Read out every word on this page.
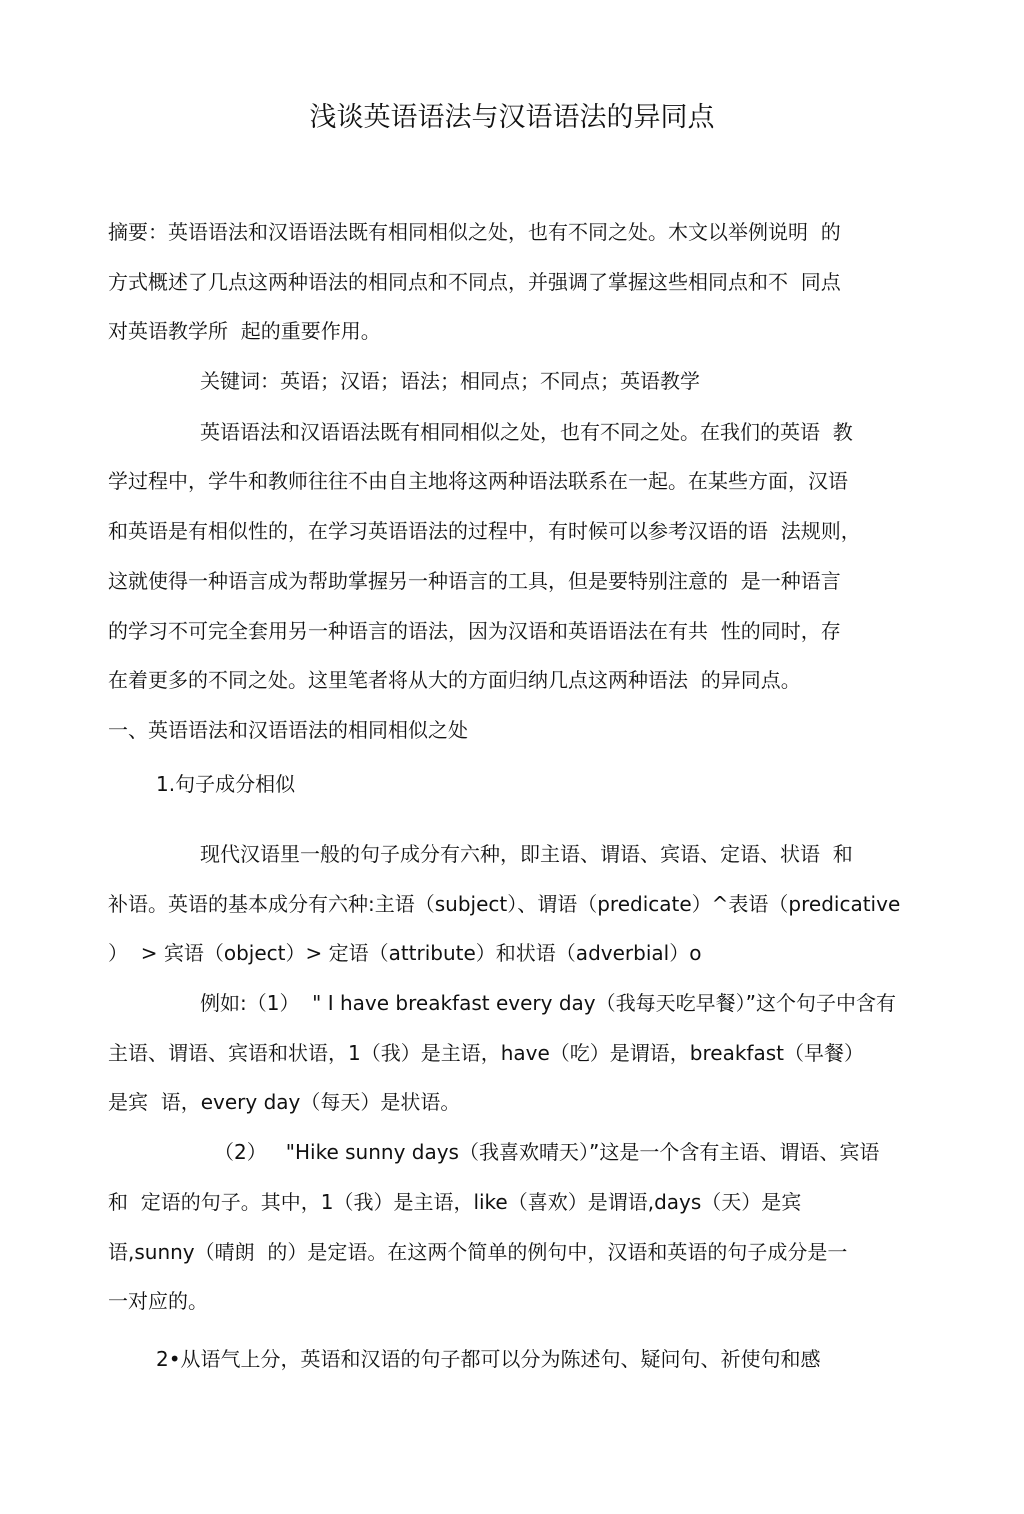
浅谈英语语法与汉语语法的异同点
摘要：英语语法和汉语语法既有相同相似之处，也有不同之处。木文以举例说明  的
方式概述了几点这两种语法的相同点和不同点，并强调了掌握这些相同点和不  同点
对英语教学所  起的重要作用。
关键词：英语；汉语；语法；相同点；不同点；英语教学
英语语法和汉语语法既有相同相似之处，也有不同之处。在我们的英语  教
学过程中，学牛和教师往往不由自主地将这两种语法联系在一起。在某些方面，汉语
和英语是有相似性的，在学习英语语法的过程中，有时候可以参考汉语的语  法规则，
这就使得一种语言成为帮助掌握另一种语言的工具，但是要特别注意的  是一种语言
的学习不可完全套用另一种语言的语法，因为汉语和英语语法在有共  性的同时，存
在着更多的不同之处。这里笔者将从大的方面归纳几点这两种语法  的异同点。
一、英语语法和汉语语法的相同相似之处
1.句子成分相似
现代汉语里一般的句子成分有六种，即主语、谓语、宾语、定语、状语  和
补语。英语的基本成分有六种:主语（subject）、谓语（predicate）^表语（predicative
）  > 宾语（object）> 定语（attribute）和状语（adverbial）o
例如:（1）  " I have breakfast every day（我每天吃早餐）”这个句子中含有
主语、谓语、宾语和状语，1（我）是主语，have（吃）是谓语，breakfast（早餐）
是宾  语，every day（每天）是状语。
（2）   "Hike sunny days（我喜欢晴天）”这是一个含有主语、谓语、宾语
和  定语的句子。其中，1（我）是主语，like（喜欢）是谓语,days（天）是宾
语,sunny（晴朗  的）是定语。在这两个简单的例句中，汉语和英语的句子成分是一
一对应的。
2•从语气上分，英语和汉语的句子都可以分为陈述句、疑问句、祈使句和感
